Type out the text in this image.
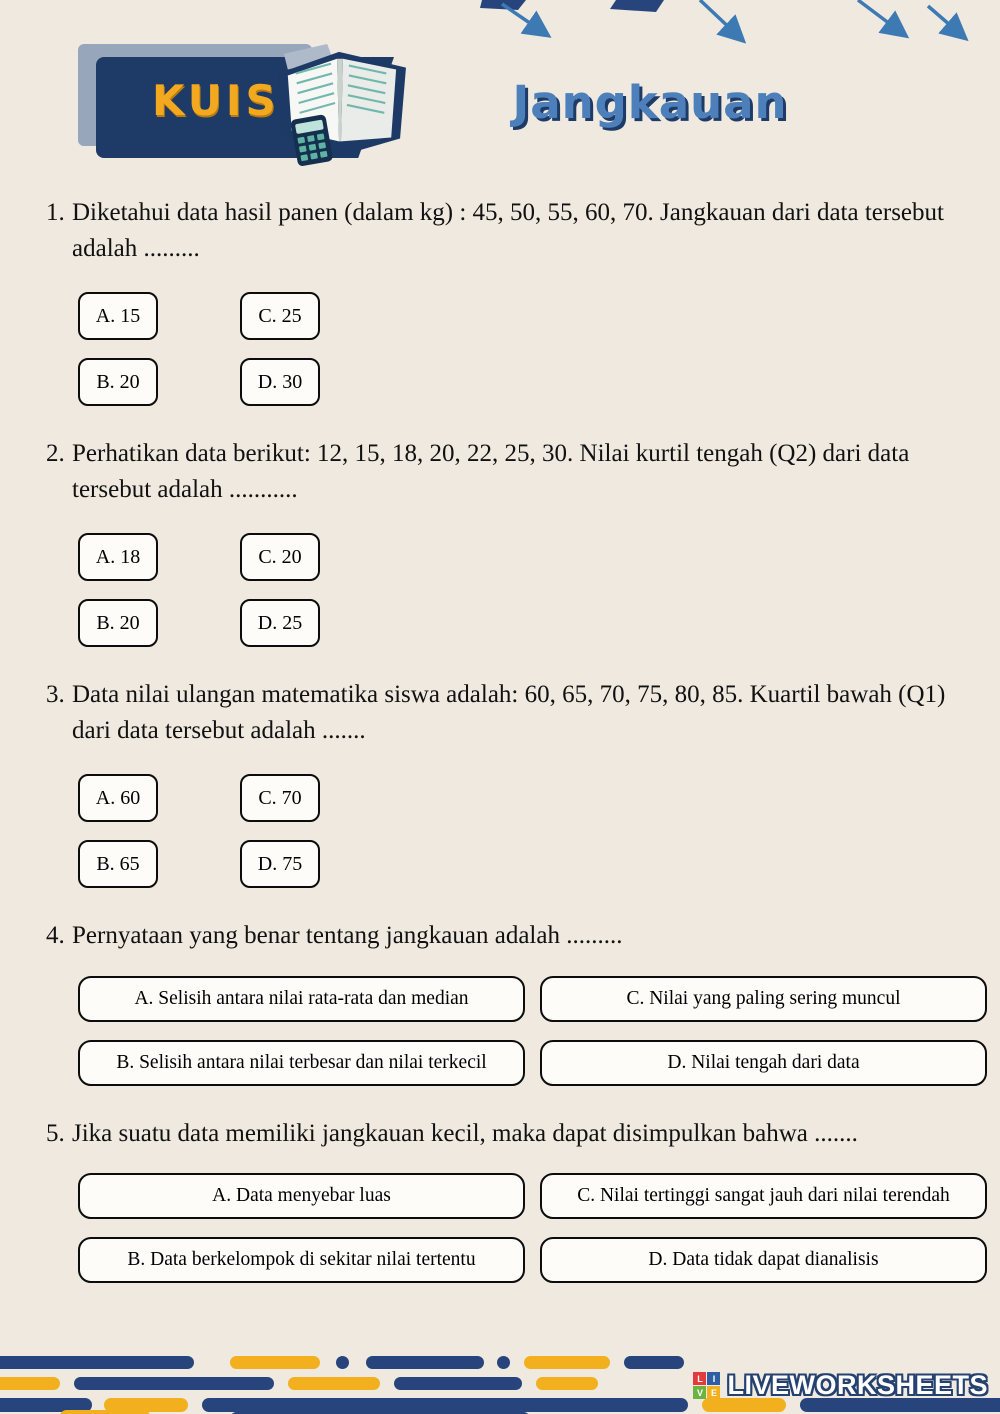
KUIS	Jangkauan
1. Diketahui data hasil panen (dalam kg) : 45, 50, 55, 60, 70. Jangkauan dari data tersebut adalah .........

A. 15	C. 25
B. 20	D. 30
2. Perhatikan data berikut: 12, 15, 18, 20, 22, 25, 30. Nilai kurtil tengah (Q2) dari data tersebut adalah ...........

A. 18	C. 20
B. 20	D. 25
3. Data nilai ulangan matematika siswa adalah: 60, 65, 70, 75, 80, 85. Kuartil bawah (Q1) dari data tersebut adalah .......

A. 60	C. 70
B. 65	D. 75
4. Pernyataan yang benar tentang jangkauan adalah .........

A. Selisih antara nilai rata-rata dan median	C. Nilai yang paling sering muncul
B. Selisih antara nilai terbesar dan nilai terkecil	D. Nilai tengah dari data
5. Jika suatu data memiliki jangkauan kecil, maka dapat disimpulkan bahwa .......

A. Data menyebar luas	C. Nilai tertinggi sangat jauh dari nilai terendah
B. Data berkelompok di sekitar nilai tertentu	D. Data tidak dapat dianalisis
L	I
V E LIVEWORKSHEETS
